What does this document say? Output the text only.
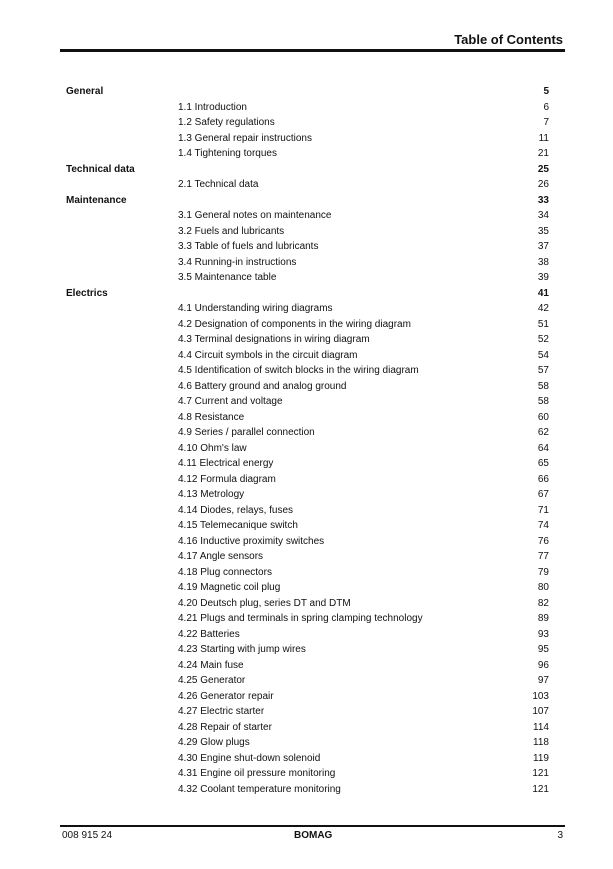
Table of Contents
General	5
1.1 Introduction	6
1.2 Safety regulations	7
1.3 General repair instructions	11
1.4 Tightening torques	21
Technical data	25
2.1 Technical data	26
Maintenance	33
3.1 General notes on maintenance	34
3.2 Fuels and lubricants	35
3.3 Table of fuels and lubricants	37
3.4 Running-in instructions	38
3.5 Maintenance table	39
Electrics	41
4.1 Understanding wiring diagrams	42
4.2 Designation of components in the wiring diagram	51
4.3 Terminal designations in wiring diagram	52
4.4 Circuit symbols in the circuit diagram	54
4.5 Identification of switch blocks in the wiring diagram	57
4.6 Battery ground and analog ground	58
4.7 Current and voltage	58
4.8 Resistance	60
4.9 Series / parallel connection	62
4.10 Ohm's law	64
4.11 Electrical energy	65
4.12 Formula diagram	66
4.13 Metrology	67
4.14 Diodes, relays, fuses	71
4.15 Telemecanique switch	74
4.16 Inductive proximity switches	76
4.17 Angle sensors	77
4.18 Plug connectors	79
4.19 Magnetic coil plug	80
4.20 Deutsch plug, series DT and DTM	82
4.21 Plugs and terminals in spring clamping technology	89
4.22 Batteries	93
4.23 Starting with jump wires	95
4.24 Main fuse	96
4.25 Generator	97
4.26 Generator repair	103
4.27 Electric starter	107
4.28 Repair of starter	114
4.29 Glow plugs	118
4.30 Engine shut-down solenoid	119
4.31 Engine oil pressure monitoring	121
4.32 Coolant temperature monitoring	121
008 915 24	BOMAG	3
